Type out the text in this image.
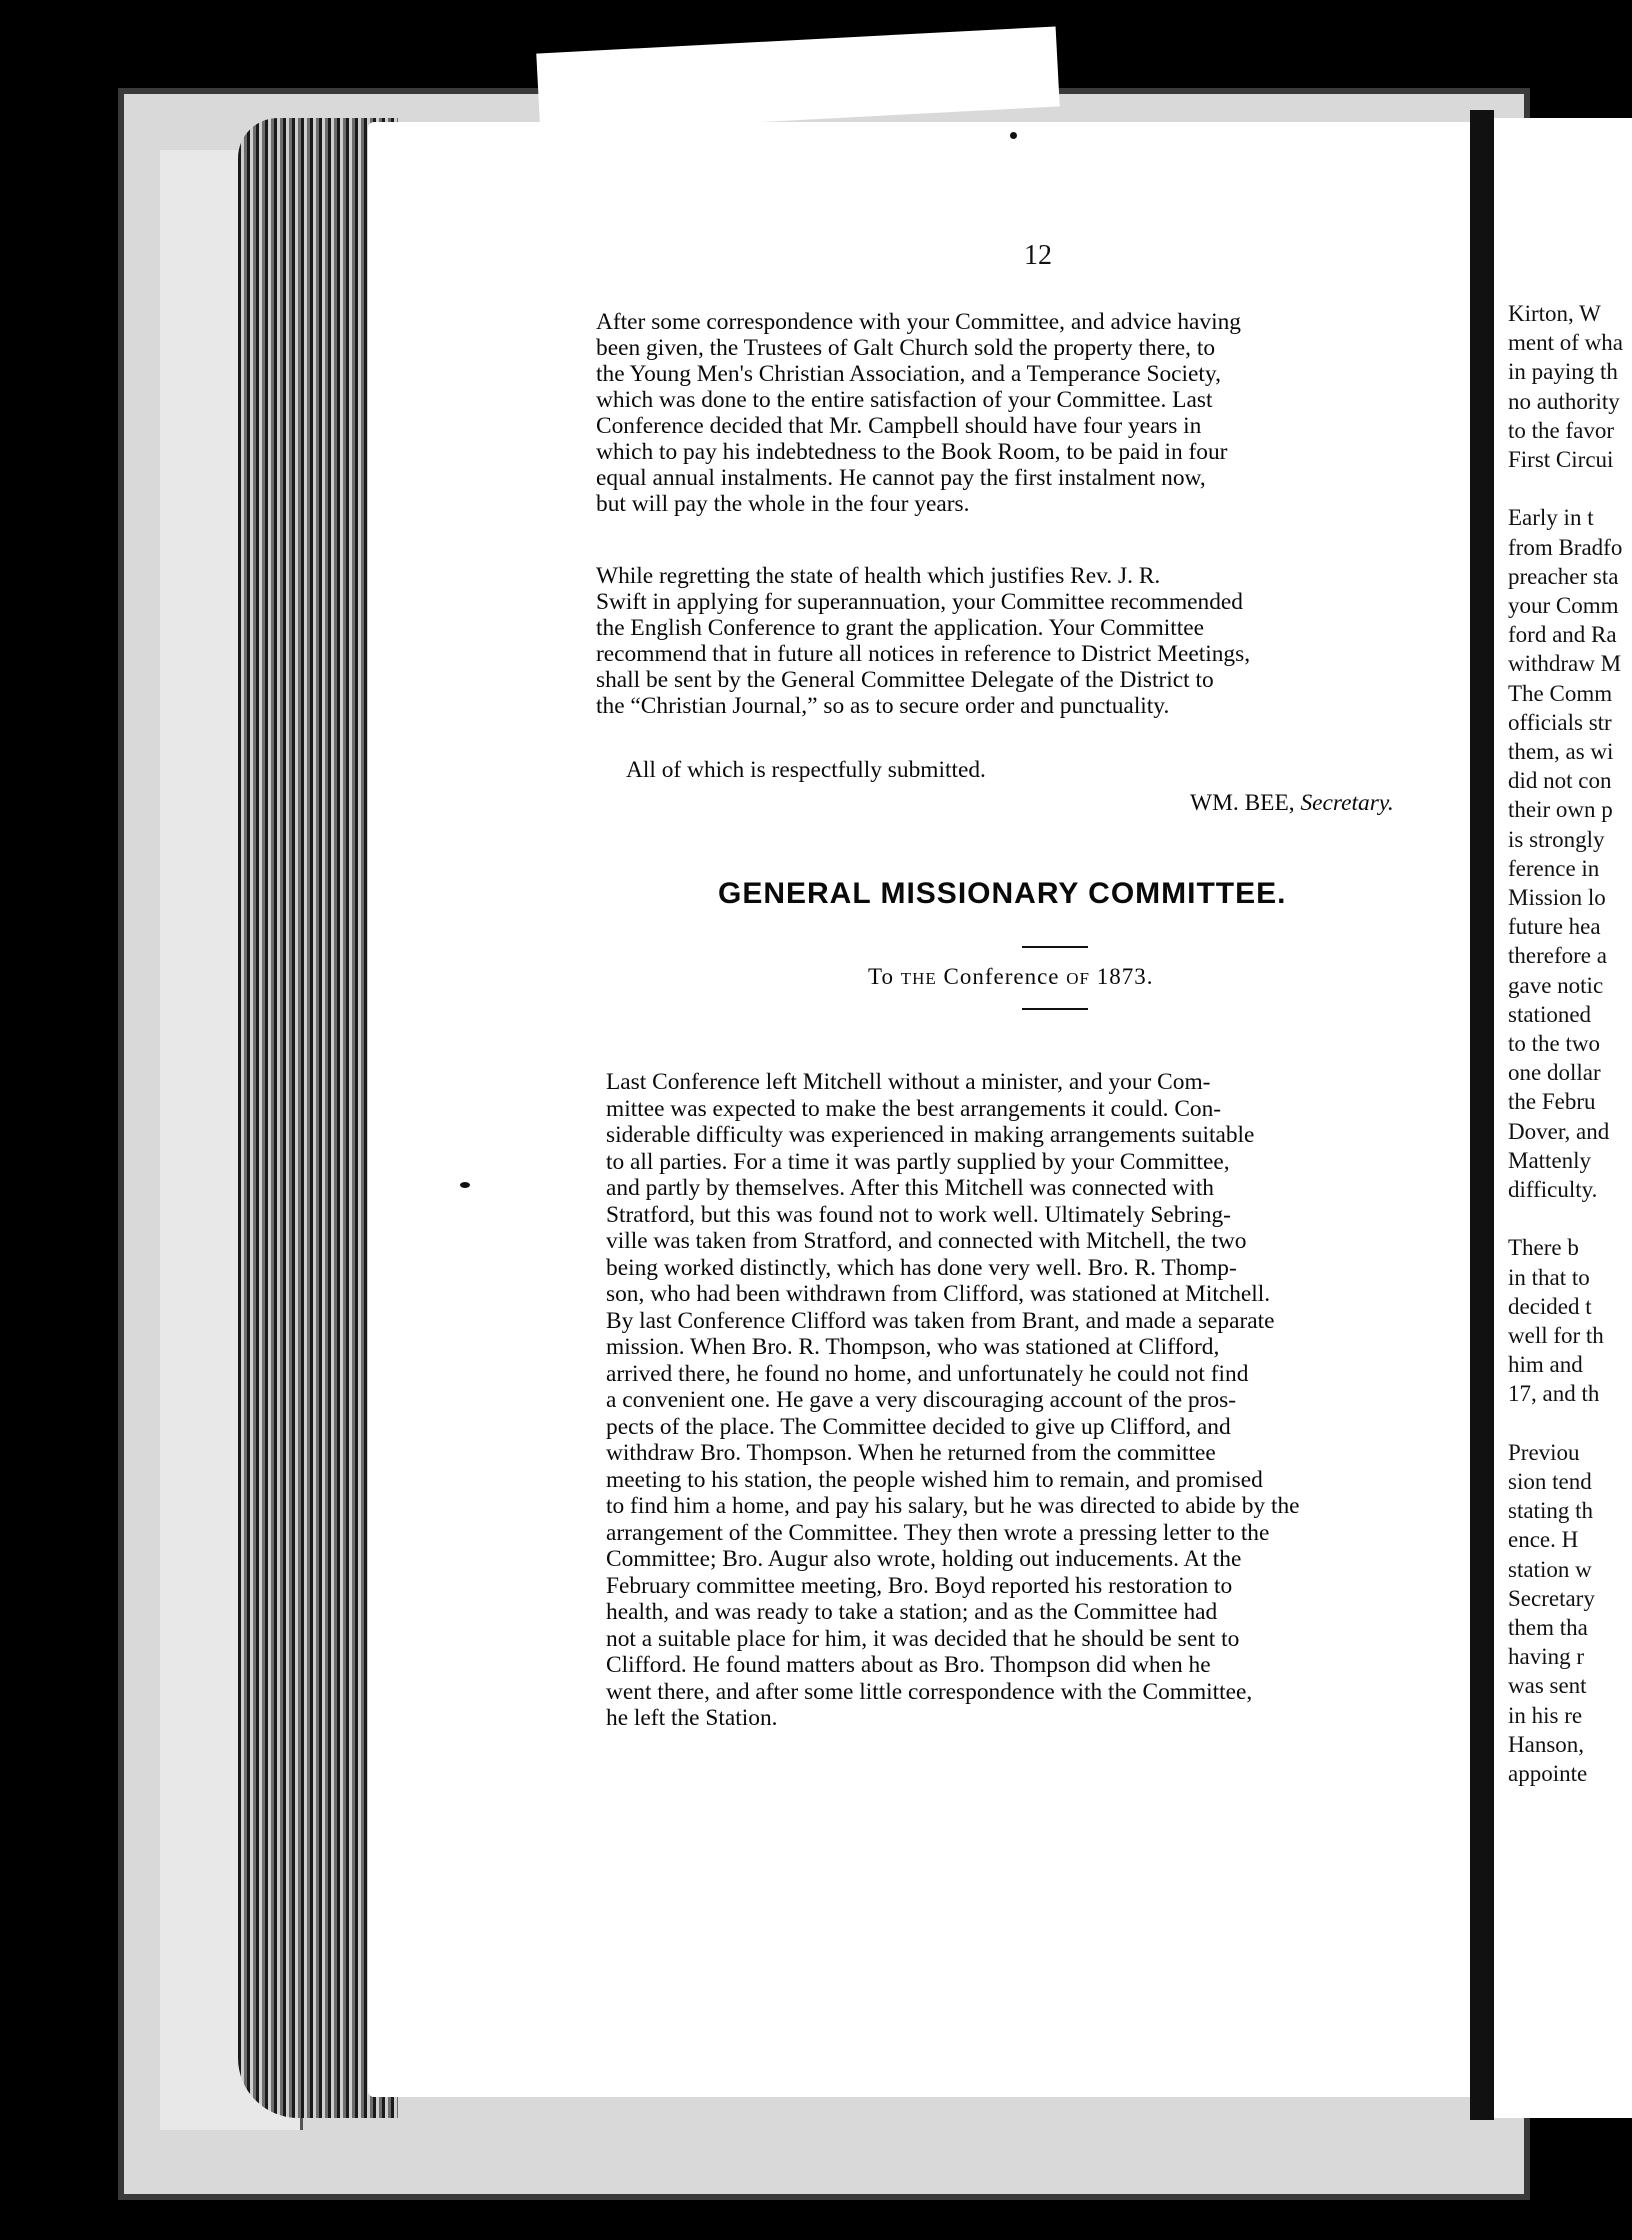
12
After some correspondence with your Committee, and advice having
been given, the Trustees of Galt Church sold the property there, to
the Young Men's Christian Association, and a Temperance Society,
which was done to the entire satisfaction of your Committee. Last
Conference decided that Mr. Campbell should have four years in
which to pay his indebtedness to the Book Room, to be paid in four
equal annual instalments. He cannot pay the first instalment now,
but will pay the whole in the four years.
While regretting the state of health which justifies Rev. J. R.
Swift in applying for superannuation, your Committee recommended
the English Conference to grant the application. Your Committee
recommend that in future all notices in reference to District Meetings,
shall be sent by the General Committee Delegate of the District to
the “Christian Journal,” so as to secure order and punctuality.
All of which is respectfully submitted.
WM. BEE, Secretary.
GENERAL MISSIONARY COMMITTEE.
To THE Conference OF 1873.
Last Conference left Mitchell without a minister, and your Com-
mittee was expected to make the best arrangements it could. Con-
siderable difficulty was experienced in making arrangements suitable
to all parties. For a time it was partly supplied by your Committee,
and partly by themselves. After this Mitchell was connected with
Stratford, but this was found not to work well. Ultimately Sebring-
ville was taken from Stratford, and connected with Mitchell, the two
being worked distinctly, which has done very well. Bro. R. Thomp-
son, who had been withdrawn from Clifford, was stationed at Mitchell.
By last Conference Clifford was taken from Brant, and made a separate
mission. When Bro. R. Thompson, who was stationed at Clifford,
arrived there, he found no home, and unfortunately he could not find
a convenient one. He gave a very discouraging account of the pros-
pects of the place. The Committee decided to give up Clifford, and
withdraw Bro. Thompson. When he returned from the committee
meeting to his station, the people wished him to remain, and promised
to find him a home, and pay his salary, but he was directed to abide by the
arrangement of the Committee. They then wrote a pressing letter to the
Committee; Bro. Augur also wrote, holding out inducements. At the
February committee meeting, Bro. Boyd reported his restoration to
health, and was ready to take a station; and as the Committee had
not a suitable place for him, it was decided that he should be sent to
Clifford. He found matters about as Bro. Thompson did when he
went there, and after some little correspondence with the Committee,
he left the Station.
Kirton, W
ment of wha
in paying th
no authority
to the favor
First Circui
Early in t
from Bradfo
preacher sta
your Comm
ford and Ra
withdraw M
The Comm
officials str
them, as wi
did not con
their own p
is strongly
ference in
Mission lo
future hea
therefore a
gave notic
stationed
to the two
one dollar
the Febru
Dover, and
Mattenly
difficulty.
There b
in that to
decided t
well for th
him and
17, and th
Previou
sion tend
stating th
ence. H
station w
Secretary
them tha
having r
was sent
in his re
Hanson,
appointe
